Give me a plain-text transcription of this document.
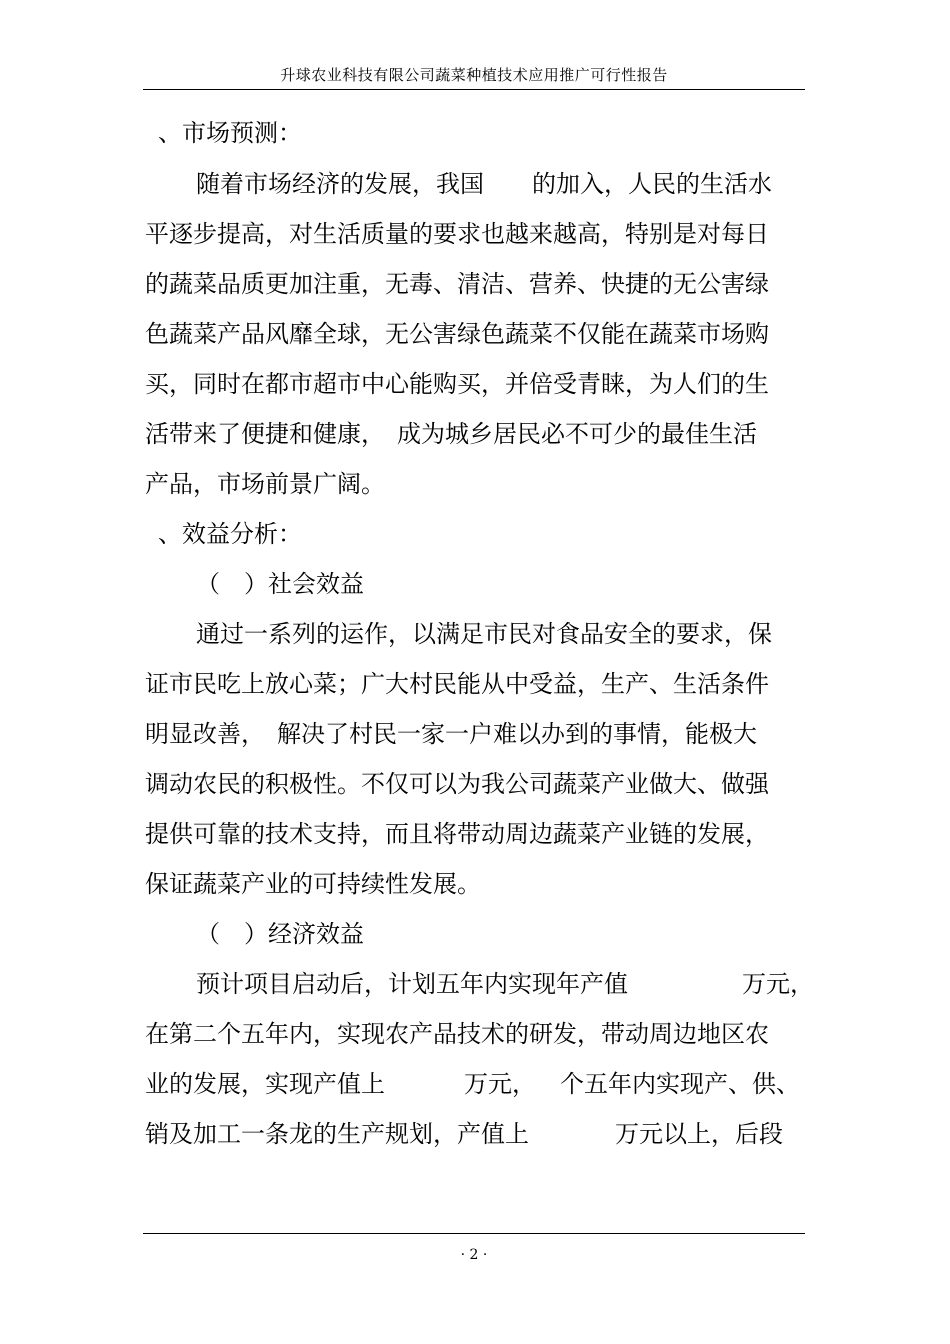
升球农业科技有限公司蔬菜种植技术应用推广可行性报告
、市场预测：
随着市场经济的发展，我国　　的加入，人民的生活水
平逐步提高，对生活质量的要求也越来越高，特别是对每日
的蔬菜品质更加注重，无毒、清洁、营养、快捷的无公害绿
色蔬菜产品风靡全球，无公害绿色蔬菜不仅能在蔬菜市场购
买，同时在都市超市中心能购买，并倍受青睐，为人们的生
活带来了便捷和健康，　成为城乡居民必不可少的最佳生活
产品，市场前景广阔。
、效益分析：
（　）社会效益
通过一系列的运作，以满足市民对食品安全的要求，保
证市民吃上放心菜；广大村民能从中受益，生产、生活条件
明显改善，　解决了村民一家一户难以办到的事情，能极大
调动农民的积极性。不仅可以为我公司蔬菜产业做大、做强
提供可靠的技术支持，而且将带动周边蔬菜产业链的发展，
保证蔬菜产业的可持续性发展。
（　）经济效益
预计项目启动后，计划五年内实现年产值	万元，
在第二个五年内，实现农产品技术的研发，带动周边地区农
业的发展，实现产值上	万元， 个五年内实现产、供、
销及加工一条龙的生产规划，产值上	万元以上，后段
· 2 ·
